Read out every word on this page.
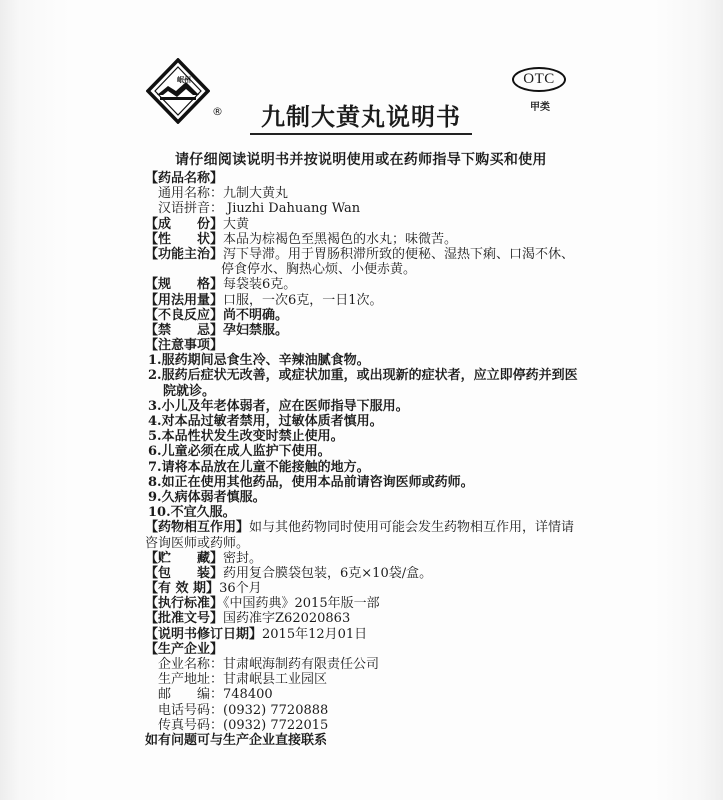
岷州
®	九制大黄丸说明书
OTC
甲类
请仔细阅读说明书并按说明使用或在药师指导下购买和使用
【药品名称】
通用名称：九制大黄丸
汉语拼音： Jiuzhi Dahuang Wan
【成　　份】大黄
【性　　状】本品为棕褐色至黑褐色的水丸；味微苦。
【功能主治】泻下导滞。用于胃肠积滞所致的便秘、湿热下痢、口渴不休、
停食停水、胸热心烦、小便赤黄。
【规　　格】每袋装6克。
【用法用量】口服，一次6克，一日1次。
【不良反应】尚不明确。
【禁　　忌】孕妇禁服。
【注意事项】
1.服药期间忌食生冷、辛辣油腻食物。
2.服药后症状无改善，或症状加重，或出现新的症状者，应立即停药并到医
院就诊。
3.小儿及年老体弱者，应在医师指导下服用。
4.对本品过敏者禁用，过敏体质者慎用。
5.本品性状发生改变时禁止使用。
6.儿童必须在成人监护下使用。
7.请将本品放在儿童不能接触的地方。
8.如正在使用其他药品，使用本品前请咨询医师或药师。
9.久病体弱者慎服。
10.不宜久服。
【药物相互作用】如与其他药物同时使用可能会发生药物相互作用，详情请
咨询医师或药师。
【贮　　藏】密封。
【包　　装】药用复合膜袋包装，6克×10袋/盒。
【有 效 期】36个月
【执行标准】《中国药典》2015年版一部
【批准文号】国药准字Z62020863
【说明书修订日期】2015年12月01日
【生产企业】
企业名称：甘肃岷海制药有限责任公司
生产地址：甘肃岷县工业园区
邮　　编：748400
电话号码：(0932) 7720888
传真号码：(0932) 7722015
如有问题可与生产企业直接联系
